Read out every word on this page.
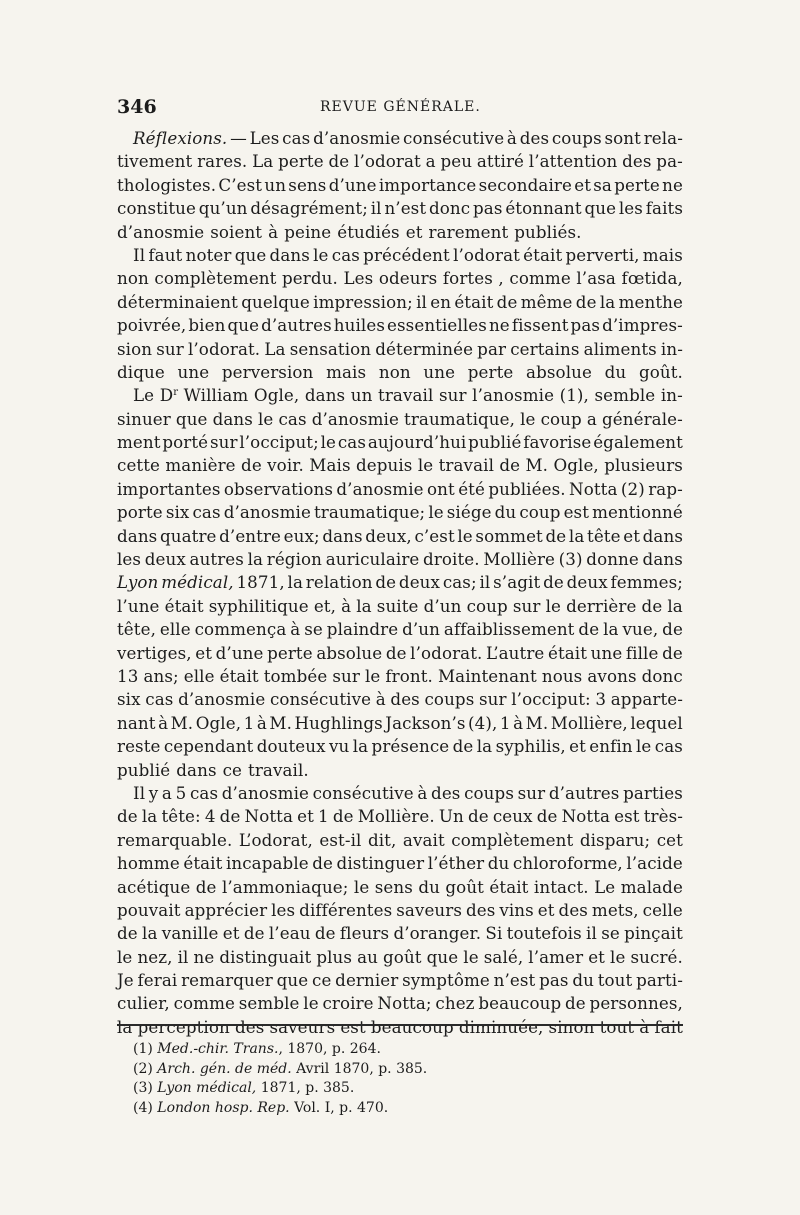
346	REVUE GÉNÉRALE.
Réflexions. — Les cas d’anosmie consécutive à des coups sont rela-
tivement rares. La perte de l’odorat a peu attiré l’attention des pa-
thologistes. C’est un sens d’une importance secondaire et sa perte ne
constitue qu’un désagrément; il n’est donc pas étonnant que les faits
d’anosmie soient à peine étudiés et rarement publiés.
Il faut noter que dans le cas précédent l’odorat était perverti, mais
non complètement perdu. Les odeurs fortes , comme l’asa fœtida,
déterminaient quelque impression; il en était de même de la menthe
poivrée, bien que d’autres huiles essentielles ne fissent pas d’impres-
sion sur l’odorat. La sensation déterminée par certains aliments in-
dique une perversion mais non une perte absolue du goût.
Le $D^r$ William Ogle, dans un travail sur l’anosmie (1), semble in-
sinuer que dans le cas d’anosmie traumatique, le coup a générale-
ment porté sur l’occiput; le cas aujourd’hui publié favorise également
cette manière de voir. Mais depuis le travail de M. Ogle, plusieurs
importantes observations d’anosmie ont été publiées. Notta (2) rap-
porte six cas d’anosmie traumatique; le siége du coup est mentionné
dans quatre d’entre eux; dans deux, c’est le sommet de la tête et dans
les deux autres la région auriculaire droite. Mollière (3) donne dans
Lyon médical, 1871, la relation de deux cas; il s’agit de deux femmes;
l’une était syphilitique et, à la suite d’un coup sur le derrière de la
tête, elle commença à se plaindre d’un affaiblissement de la vue, de
vertiges, et d’une perte absolue de l’odorat. L’autre était une fille de
13 ans; elle était tombée sur le front. Maintenant nous avons donc
six cas d’anosmie consécutive à des coups sur l’occiput: 3 apparte-
nant à M. Ogle, 1 à M. Hughlings Jackson’s (4), 1 à M. Mollière, lequel
reste cependant douteux vu la présence de la syphilis, et enfin le cas
publié dans ce travail.
Il y a 5 cas d’anosmie consécutive à des coups sur d’autres parties
de la tête: 4 de Notta et 1 de Mollière. Un de ceux de Notta est très-
remarquable. L’odorat, est-il dit, avait complètement disparu; cet
homme était incapable de distinguer l’éther du chloroforme, l’acide
acétique de l’ammoniaque; le sens du goût était intact. Le malade
pouvait apprécier les différentes saveurs des vins et des mets, celle
de la vanille et de l’eau de fleurs d’oranger. Si toutefois il se pinçait
le nez, il ne distinguait plus au goût que le salé, l’amer et le sucré.
Je ferai remarquer que ce dernier symptôme n’est pas du tout parti-
culier, comme semble le croire Notta; chez beaucoup de personnes,
la perception des saveurs est beaucoup diminuée, sinon tout à fait
(1) Med.-chir. Trans., 1870, p. 264.
(2) Arch. gén. de méd. Avril 1870, p. 385.
(3) Lyon médical, 1871, p. 385.
(4) London hosp. Rep. Vol. I, p. 470.
